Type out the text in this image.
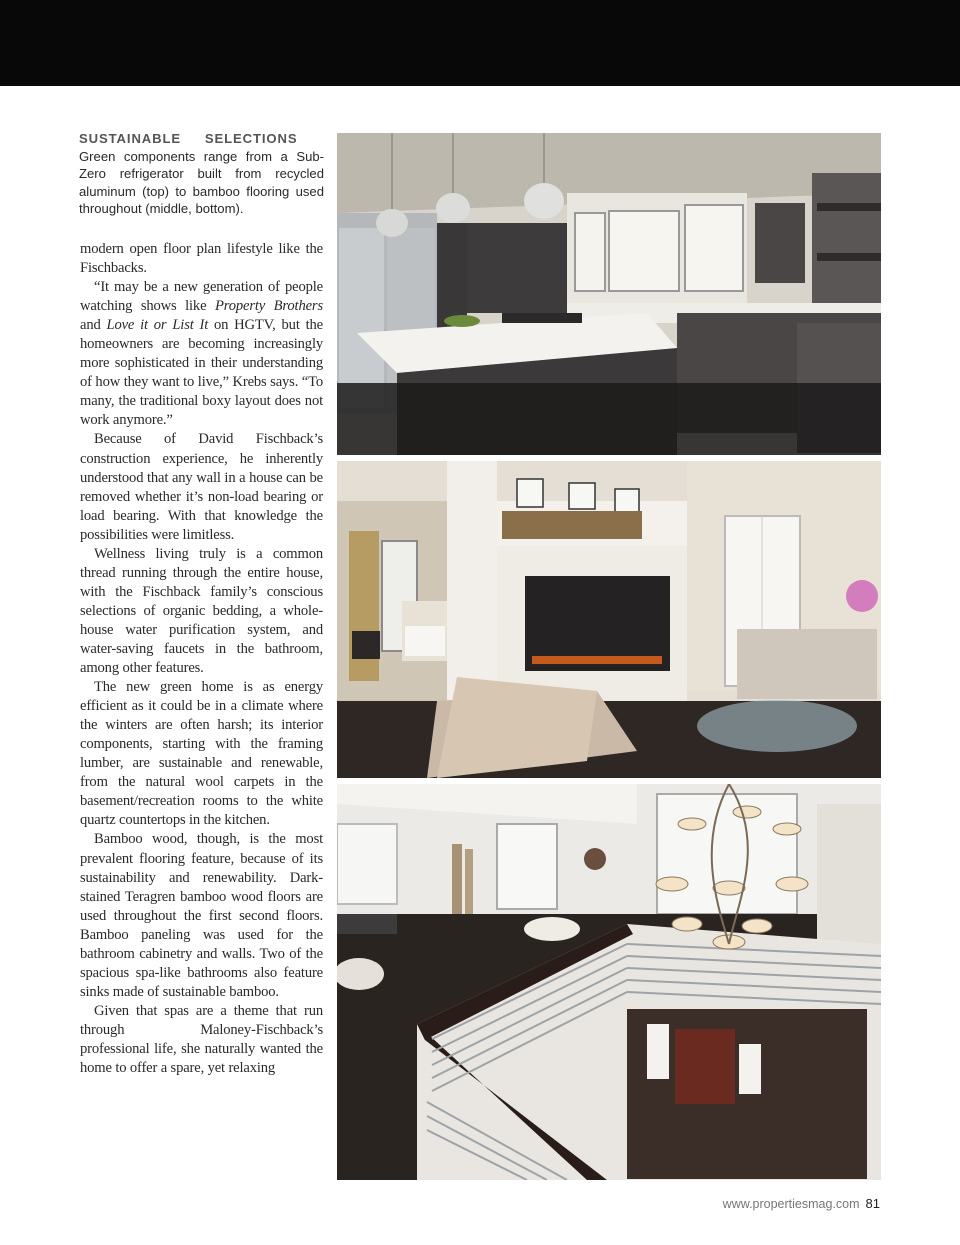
SUSTAINABLE SELECTIONS   Green components range from a Sub-Zero refrigerator built from recycled aluminum (top) to bamboo flooring used throughout (middle, bottom).

modern open floor plan lifestyle like the Fischbacks.

“It may be a new generation of people watching shows like Property Brothers and Love it or List It on HGTV, but the homeowners are becoming increasingly more sophisticated in their understanding of how they want to live,” Krebs says. “To many, the traditional boxy layout does not work anymore.”

Because of David Fischback’s construction experience, he inherently understood that any wall in a house can be removed whether it’s non-load bearing or load bearing. With that knowledge the possibilities were limitless.

Wellness living truly is a common thread running through the entire house, with the Fischback family’s conscious selections of organic bedding, a whole-house water purification system, and water-saving faucets in the bathroom, among other features.

The new green home is as energy efficient as it could be in a climate where the winters are often harsh; its interior components, starting with the framing lumber, are sustainable and renewable, from the natural wool carpets in the basement/recreation rooms to the white quartz countertops in the kitchen.

Bamboo wood, though, is the most prevalent flooring feature, because of its sustainability and renewability. Dark-stained Teragren bamboo wood floors are used throughout the first second floors. Bamboo paneling was used for the bathroom cabinetry and walls. Two of the spacious spa-like bathrooms also feature sinks made of sustainable bamboo.

Given that spas are a theme that run through Maloney-Fischback’s professional life, she naturally wanted the home to offer a spare, yet relaxing

www.propertiesmag.com 81
